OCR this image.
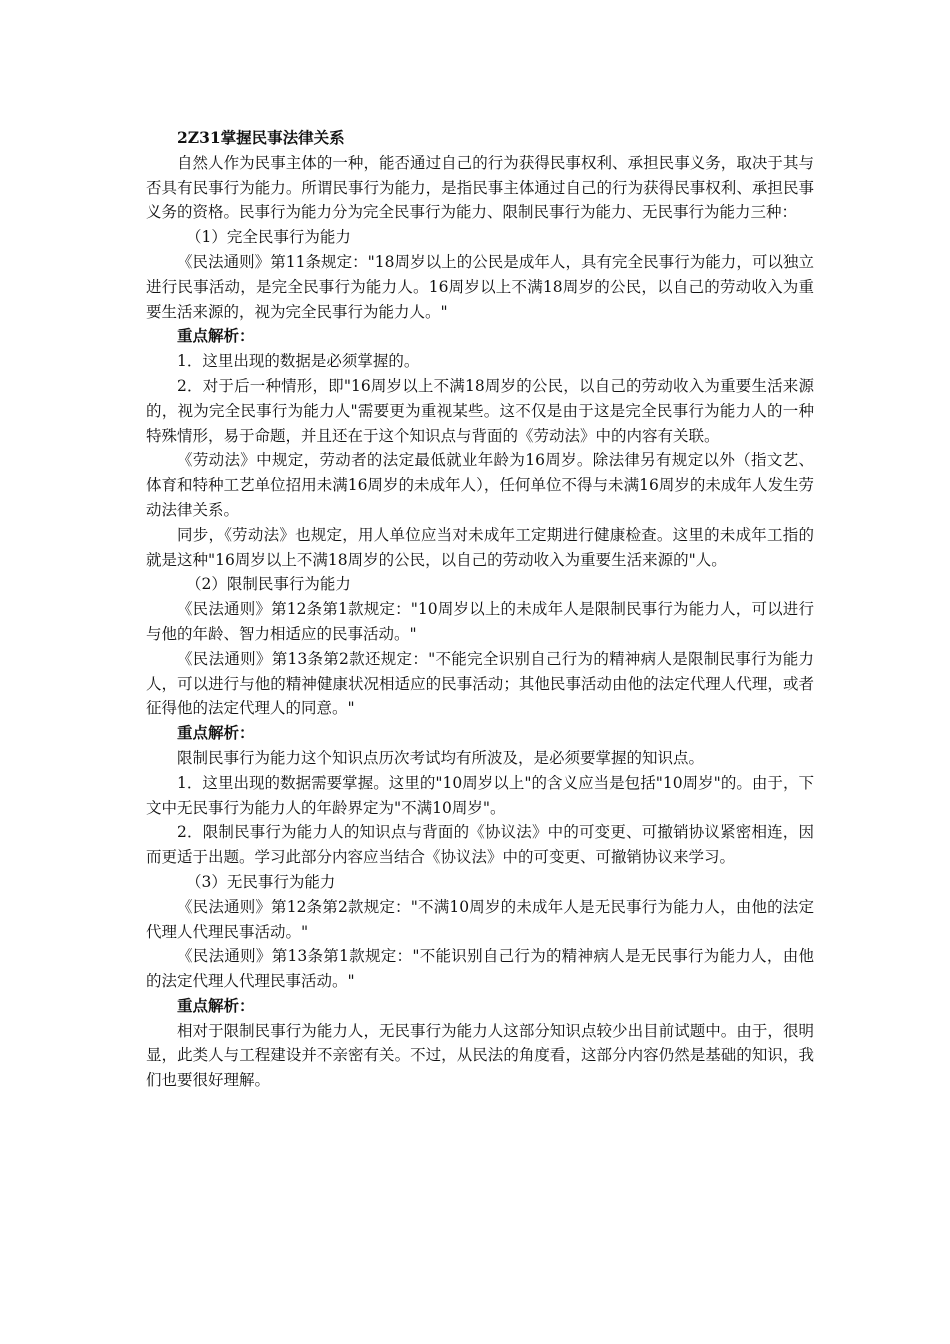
2Z31掌握民事法律关系

自然人作为民事主体的一种，能否通过自己的行为获得民事权利、承担民事义务，取决于其与否具有民事行为能力。所谓民事行为能力，是指民事主体通过自己的行为获得民事权利、承担民事义务的资格。民事行为能力分为完全民事行为能力、限制民事行为能力、无民事行为能力三种：

（1）完全民事行为能力

《民法通则》第11条规定："18周岁以上的公民是成年人，具有完全民事行为能力，可以独立进行民事活动，是完全民事行为能力人。16周岁以上不满18周岁的公民，以自己的劳动收入为重要生活来源的，视为完全民事行为能力人。"

重点解析：

1．这里出现的数据是必须掌握的。

2．对于后一种情形，即"16周岁以上不满18周岁的公民，以自己的劳动收入为重要生活来源的，视为完全民事行为能力人"需要更为重视某些。这不仅是由于这是完全民事行为能力人的一种特殊情形，易于命题，并且还在于这个知识点与背面的《劳动法》中的内容有关联。

《劳动法》中规定，劳动者的法定最低就业年龄为16周岁。除法律另有规定以外（指文艺、体育和特种工艺单位招用未满16周岁的未成年人），任何单位不得与未满16周岁的未成年人发生劳动法律关系。

同步，《劳动法》也规定，用人单位应当对未成年工定期进行健康检查。这里的未成年工指的就是这种"16周岁以上不满18周岁的公民，以自己的劳动收入为重要生活来源的"人。

（2）限制民事行为能力

《民法通则》第12条第1款规定："10周岁以上的未成年人是限制民事行为能力人，可以进行与他的年龄、智力相适应的民事活动。"

《民法通则》第13条第2款还规定："不能完全识别自己行为的精神病人是限制民事行为能力人，可以进行与他的精神健康状况相适应的民事活动；其他民事活动由他的法定代理人代理，或者征得他的法定代理人的同意。"

重点解析：

限制民事行为能力这个知识点历次考试均有所波及，是必须要掌握的知识点。

1．这里出现的数据需要掌握。这里的"10周岁以上"的含义应当是包括"10周岁"的。由于，下文中无民事行为能力人的年龄界定为"不满10周岁"。

2．限制民事行为能力人的知识点与背面的《协议法》中的可变更、可撤销协议紧密相连，因而更适于出题。学习此部分内容应当结合《协议法》中的可变更、可撤销协议来学习。

（3）无民事行为能力

《民法通则》第12条第2款规定："不满10周岁的未成年人是无民事行为能力人，由他的法定代理人代理民事活动。"

《民法通则》第13条第1款规定："不能识别自己行为的精神病人是无民事行为能力人，由他的法定代理人代理民事活动。"

重点解析：

相对于限制民事行为能力人，无民事行为能力人这部分知识点较少出目前试题中。由于，很明显，此类人与工程建设并不亲密有关。不过，从民法的角度看，这部分内容仍然是基础的知识，我们也要很好理解。
